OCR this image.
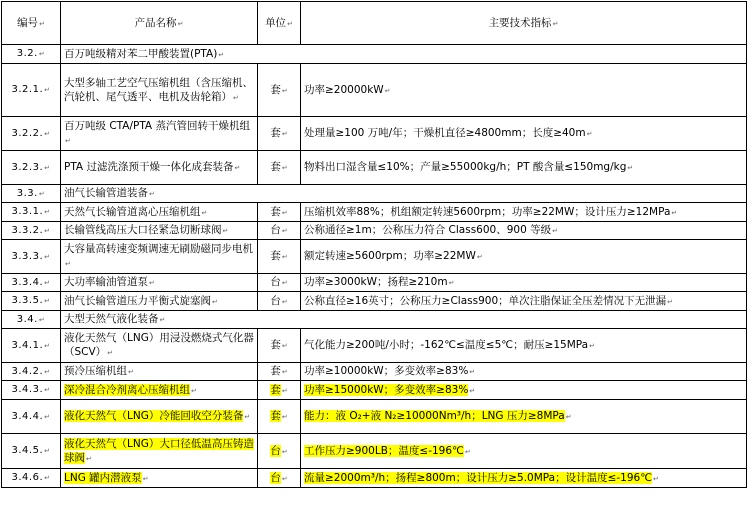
编号↵	产品名称↵	单位↵	主要技术指标↵
3.2.↵	百万吨级精对苯二甲酸装置(PTA)↵		
3.2.1.↵	大型多轴工艺空气压缩机组（含压缩机、汽轮机、尾气透平、电机及齿轮箱）↵	套↵	功率≥20000kW↵
3.2.2.↵	百万吨级 CTA/PTA 蒸汽管回转干燥机组↵	套↵	处理量≥100 万吨/年；干燥机直径≥4800mm；长度≥40m↵
3.2.3.↵	PTA 过滤洗涤预干燥一体化成套装备↵	套↵	物料出口湿含量≤10%；产量≥55000kg/h；PT 酸含量≤150mg/kg↵
3.3.↵	油气长输管道装备↵		
3.3.1.↵	天然气长输管道离心压缩机组↵	套↵	压缩机效率88%；机组额定转速5600rpm；功率≥22MW；设计压力≥12MPa↵
3.3.2.↵	长输管线高压大口径紧急切断球阀↵	台↵	公称通径≥1m；公称压力符合 Class600、900 等级↵
3.3.3.↵	大容量高转速变频调速无刷励磁同步电机↵	套↵	额定转速≥5600rpm；功率≥22MW↵
3.3.4.↵	大功率输油管道泵↵	台↵	功率≥3000kW；扬程≥210m↵
3.3.5.↵	油气长输管道压力平衡式旋塞阀↵	台↵	公称直径≥16英寸；公称压力≥Class900；单次注脂保证全压差情况下无泄漏↵
3.4.↵	大型天然气液化装备↵		
3.4.1.↵	液化天然气（LNG）用浸没燃烧式气化器（SCV）↵	套↵	气化能力≥200吨/小时；-162℃≤温度≤5℃；耐压≥15MPa↵
3.4.2.↵	预冷压缩机组↵	套↵	功率≥10000kW；多变效率≥83%↵
3.4.3.↵	深冷混合冷剂离心压缩机组↵	套↵	功率≥15000kW；多变效率≥83%↵
3.4.4.↵	液化天然气（LNG）冷能回收空分装备↵	套↵	能力：液 O₂+液 N₂≥10000Nm³/h；LNG 压力≥8MPa↵
3.4.5.↵	液化天然气（LNG）大口径低温高压铸造球阀↵	台↵	工作压力≥900LB；温度≤-196℃↵
3.4.6.↵	LNG 罐内潜液泵↵	台↵	流量≥2000m³/h；扬程≥800m；设计压力≥5.0MPa；设计温度≤-196℃↵
